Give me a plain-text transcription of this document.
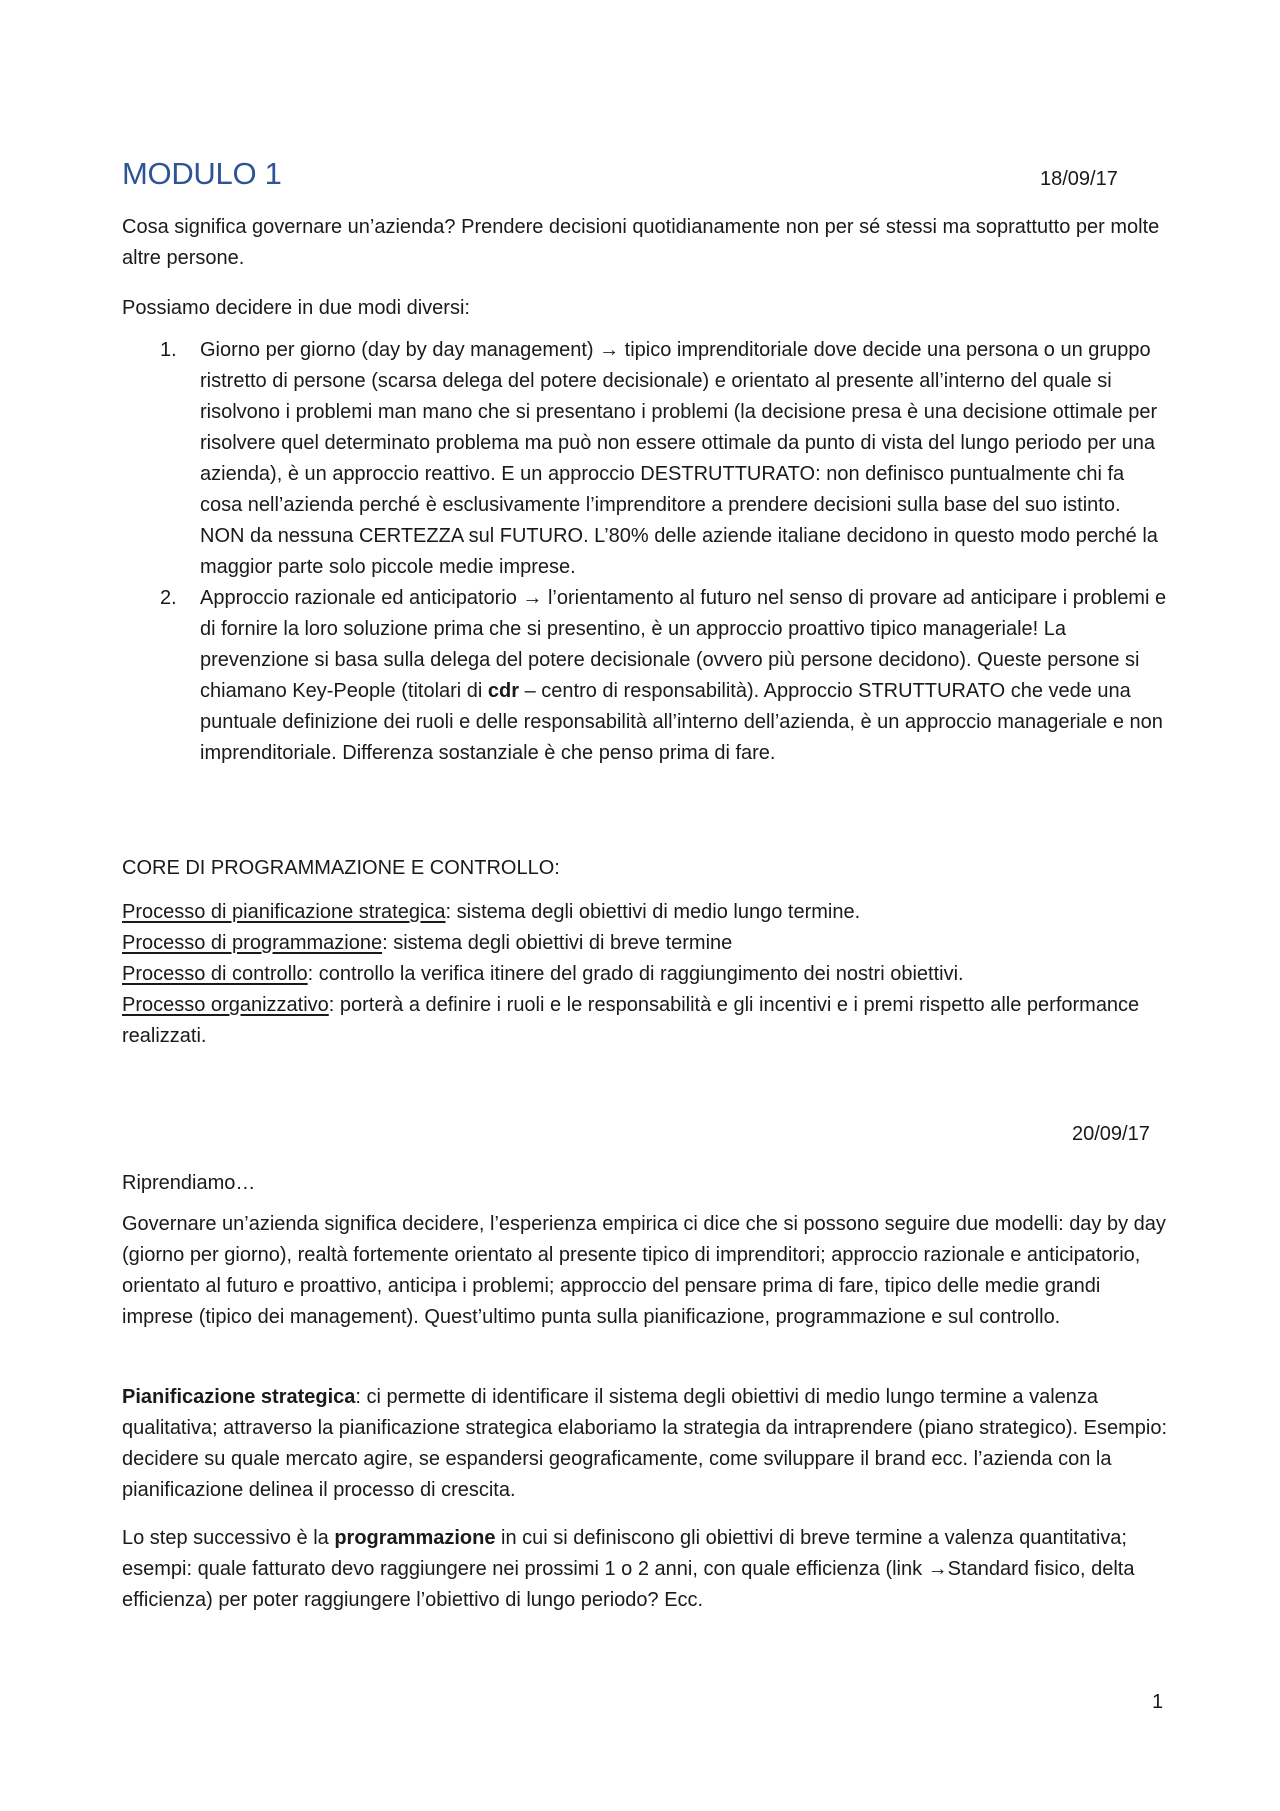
MODULO 1	18/09/17

Cosa significa governare un’azienda? Prendere decisioni quotidianamente non per sé stessi ma soprattutto per molte altre persone.

Possiamo decidere in due modi diversi:

1. Giorno per giorno (day by day management) → tipico imprenditoriale dove decide una persona o un gruppo ristretto di persone (scarsa delega del potere decisionale) e orientato al presente all’interno del quale si risolvono i problemi man mano che si presentano i problemi (la decisione presa è una decisione ottimale per risolvere quel determinato problema ma può non essere ottimale da punto di vista del lungo periodo per una azienda), è un approccio reattivo. E un approccio DESTRUTTURATO: non definisco puntualmente chi fa cosa nell’azienda perché è esclusivamente l’imprenditore a prendere decisioni sulla base del suo istinto. NON da nessuna CERTEZZA sul FUTURO. L’80% delle aziende italiane decidono in questo modo perché la maggior parte solo piccole medie imprese.
2. Approccio razionale ed anticipatorio → l’orientamento al futuro nel senso di provare ad anticipare i problemi e di fornire la loro soluzione prima che si presentino, è un approccio proattivo tipico manageriale! La prevenzione si basa sulla delega del potere decisionale (ovvero più persone decidono). Queste persone si chiamano Key-People (titolari di cdr – centro di responsabilità). Approccio STRUTTURATO che vede una puntuale definizione dei ruoli e delle responsabilità all’interno dell’azienda, è un approccio manageriale e non imprenditoriale. Differenza sostanziale è che penso prima di fare.

CORE DI PROGRAMMAZIONE E CONTROLLO:

Processo di pianificazione strategica: sistema degli obiettivi di medio lungo termine.
Processo di programmazione: sistema degli obiettivi di breve termine
Processo di controllo: controllo la verifica itinere del grado di raggiungimento dei nostri obiettivi.
Processo organizzativo: porterà a definire i ruoli e le responsabilità e gli incentivi e i premi rispetto alle performance realizzati.
20/09/17

Riprendiamo…

Governare un’azienda significa decidere, l’esperienza empirica ci dice che si possono seguire due modelli: day by day (giorno per giorno), realtà fortemente orientato al presente tipico di imprenditori; approccio razionale e anticipatorio, orientato al futuro e proattivo, anticipa i problemi; approccio del pensare prima di fare, tipico delle medie grandi imprese (tipico dei management). Quest’ultimo punta sulla pianificazione, programmazione e sul controllo.

Pianificazione strategica: ci permette di identificare il sistema degli obiettivi di medio lungo termine a valenza qualitativa; attraverso la pianificazione strategica elaboriamo la strategia da intraprendere (piano strategico). Esempio: decidere su quale mercato agire, se espandersi geograficamente, come sviluppare il brand ecc. l’azienda con la pianificazione delinea il processo di crescita.

Lo step successivo è la programmazione in cui si definiscono gli obiettivi di breve termine a valenza quantitativa; esempi: quale fatturato devo raggiungere nei prossimi 1 o 2 anni, con quale efficienza (link →Standard fisico, delta efficienza) per poter raggiungere l’obiettivo di lungo periodo? Ecc.

1
